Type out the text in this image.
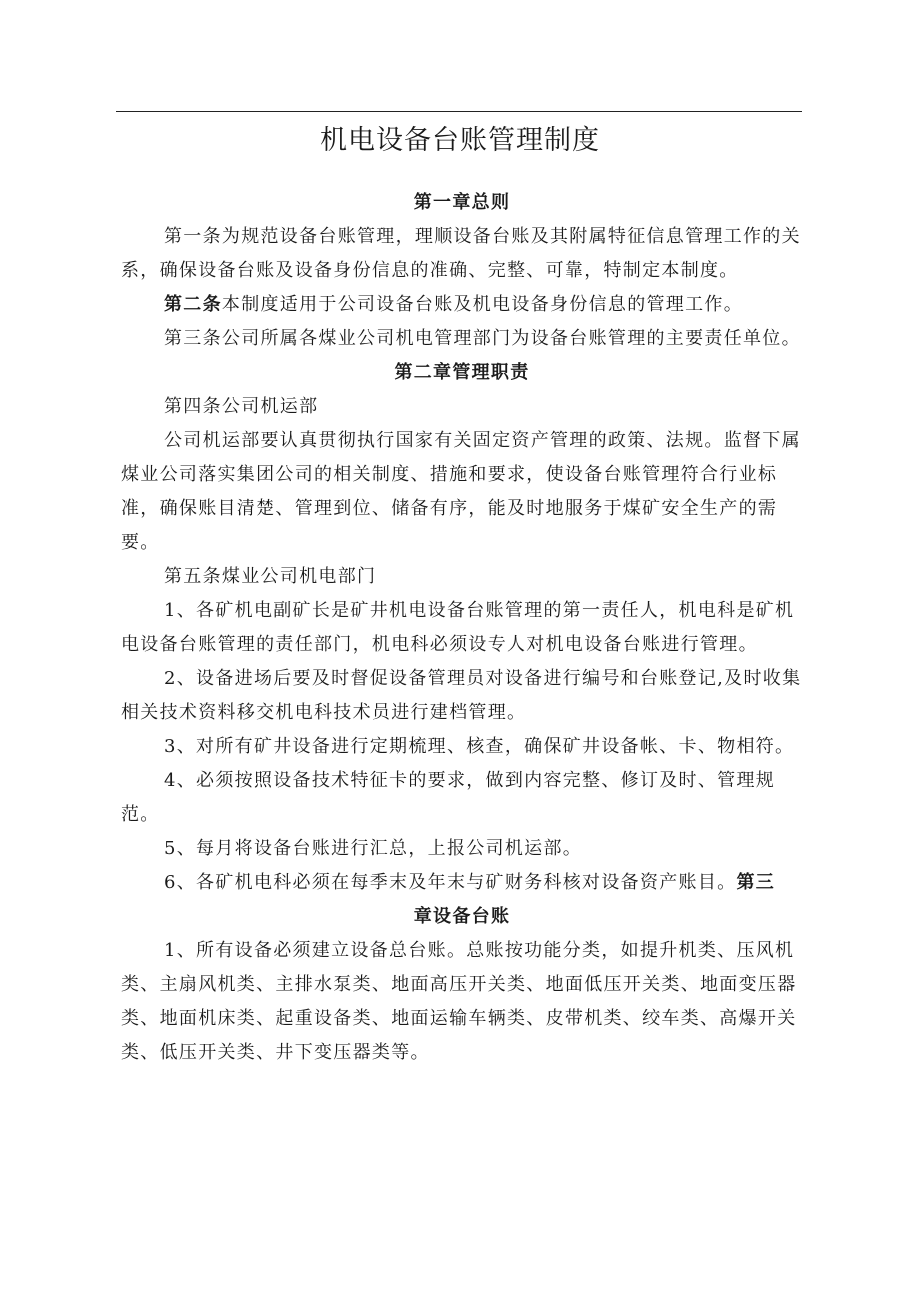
机电设备台账管理制度

第一章总则

第一条为规范设备台账管理，理顺设备台账及其附属特征信息管理工作的关系，确保设备台账及设备身份信息的准确、完整、可靠，特制定本制度。

第二条本制度适用于公司设备台账及机电设备身份信息的管理工作。

第三条公司所属各煤业公司机电管理部门为设备台账管理的主要责任单位。

第二章管理职责

第四条公司机运部

公司机运部要认真贯彻执行国家有关固定资产管理的政策、法规。监督下属煤业公司落实集团公司的相关制度、措施和要求，使设备台账管理符合行业标准，确保账目清楚、管理到位、储备有序，能及时地服务于煤矿安全生产的需要。

第五条煤业公司机电部门

1、各矿机电副矿长是矿井机电设备台账管理的第一责任人，机电科是矿机电设备台账管理的责任部门，机电科必须设专人对机电设备台账进行管理。

2、设备进场后要及时督促设备管理员对设备进行编号和台账登记,及时收集相关技术资料移交机电科技术员进行建档管理。

3、对所有矿井设备进行定期梳理、核查，确保矿井设备帐、卡、物相符。

4、必须按照设备技术特征卡的要求，做到内容完整、修订及时、管理规范。

5、每月将设备台账进行汇总，上报公司机运部。

6、各矿机电科必须在每季末及年末与矿财务科核对设备资产账目。第三

章设备台账

1、所有设备必须建立设备总台账。总账按功能分类，如提升机类、压风机类、主扇风机类、主排水泵类、地面高压开关类、地面低压开关类、地面变压器类、地面机床类、起重设备类、地面运输车辆类、皮带机类、绞车类、高爆开关类、低压开关类、井下变压器类等。
